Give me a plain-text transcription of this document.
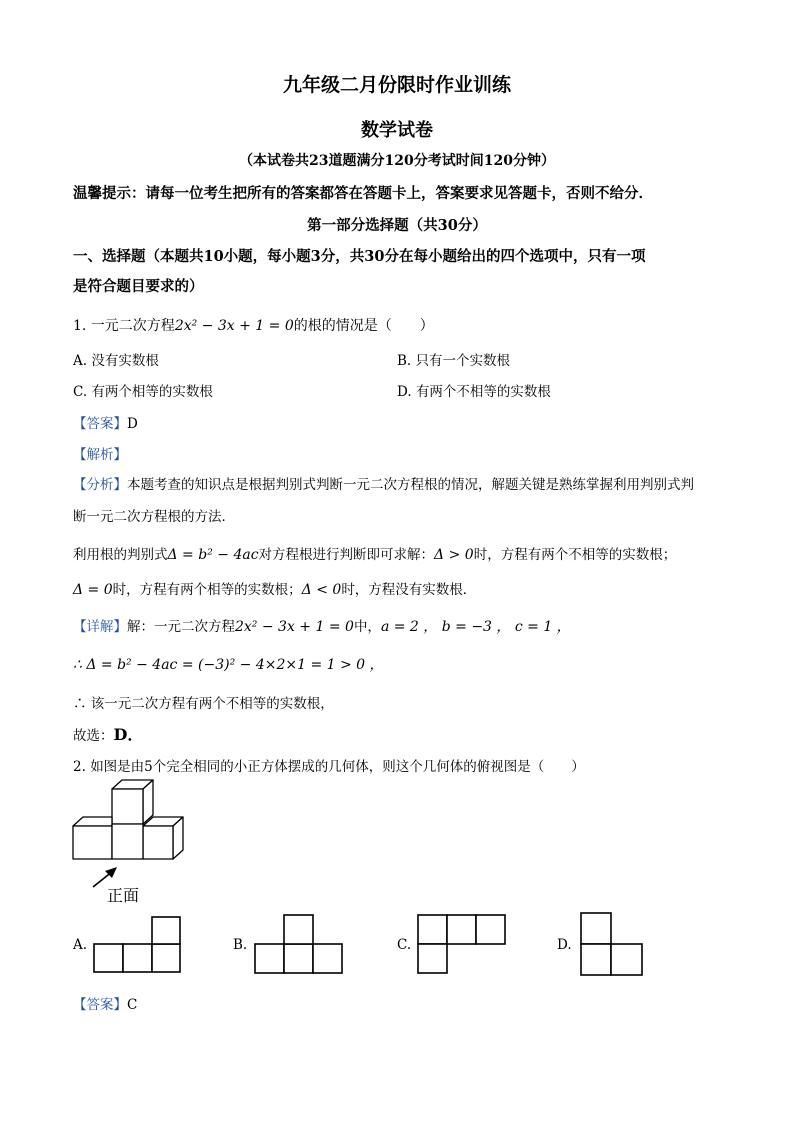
九年级二月份限时作业训练
数学试卷
（本试卷共23道题满分120分考试时间120分钟）
温馨提示：请每一位考生把所有的答案都答在答题卡上，答案要求见答题卡，否则不给分．
第一部分选择题（共30分）
一、选择题（本题共10小题，每小题3分，共30分在每小题给出的四个选项中，只有一项
是符合题目要求的）
1. 一元二次方程2x² − 3x + 1 = 0的根的情况是（　　）
A. 没有实数根	B. 只有一个实数根
C. 有两个相等的实数根	D. 有两个不相等的实数根
【答案】D
【解析】
【分析】本题考查的知识点是根据判别式判断一元二次方程根的情况，解题关键是熟练掌握利用判别式判
断一元二次方程根的方法．
利用根的判别式Δ = b² − 4ac对方程根进行判断即可求解：Δ > 0时，方程有两个不相等的实数根；
Δ = 0时，方程有两个相等的实数根；Δ < 0时，方程没有实数根．
【详解】解：一元二次方程2x² − 3x + 1 = 0中，a = 2 ， b = −3 ， c = 1 ，
∴ Δ = b² − 4ac = (−3)² − 4×2×1 = 1 > 0 ，
∴ 该一元二次方程有两个不相等的实数根，
故选：D．
2. 如图是由5个完全相同的小正方体摆成的几何体，则这个几何体的俯视图是（　　）
正面
A.	B.	C.	D.
【答案】C
